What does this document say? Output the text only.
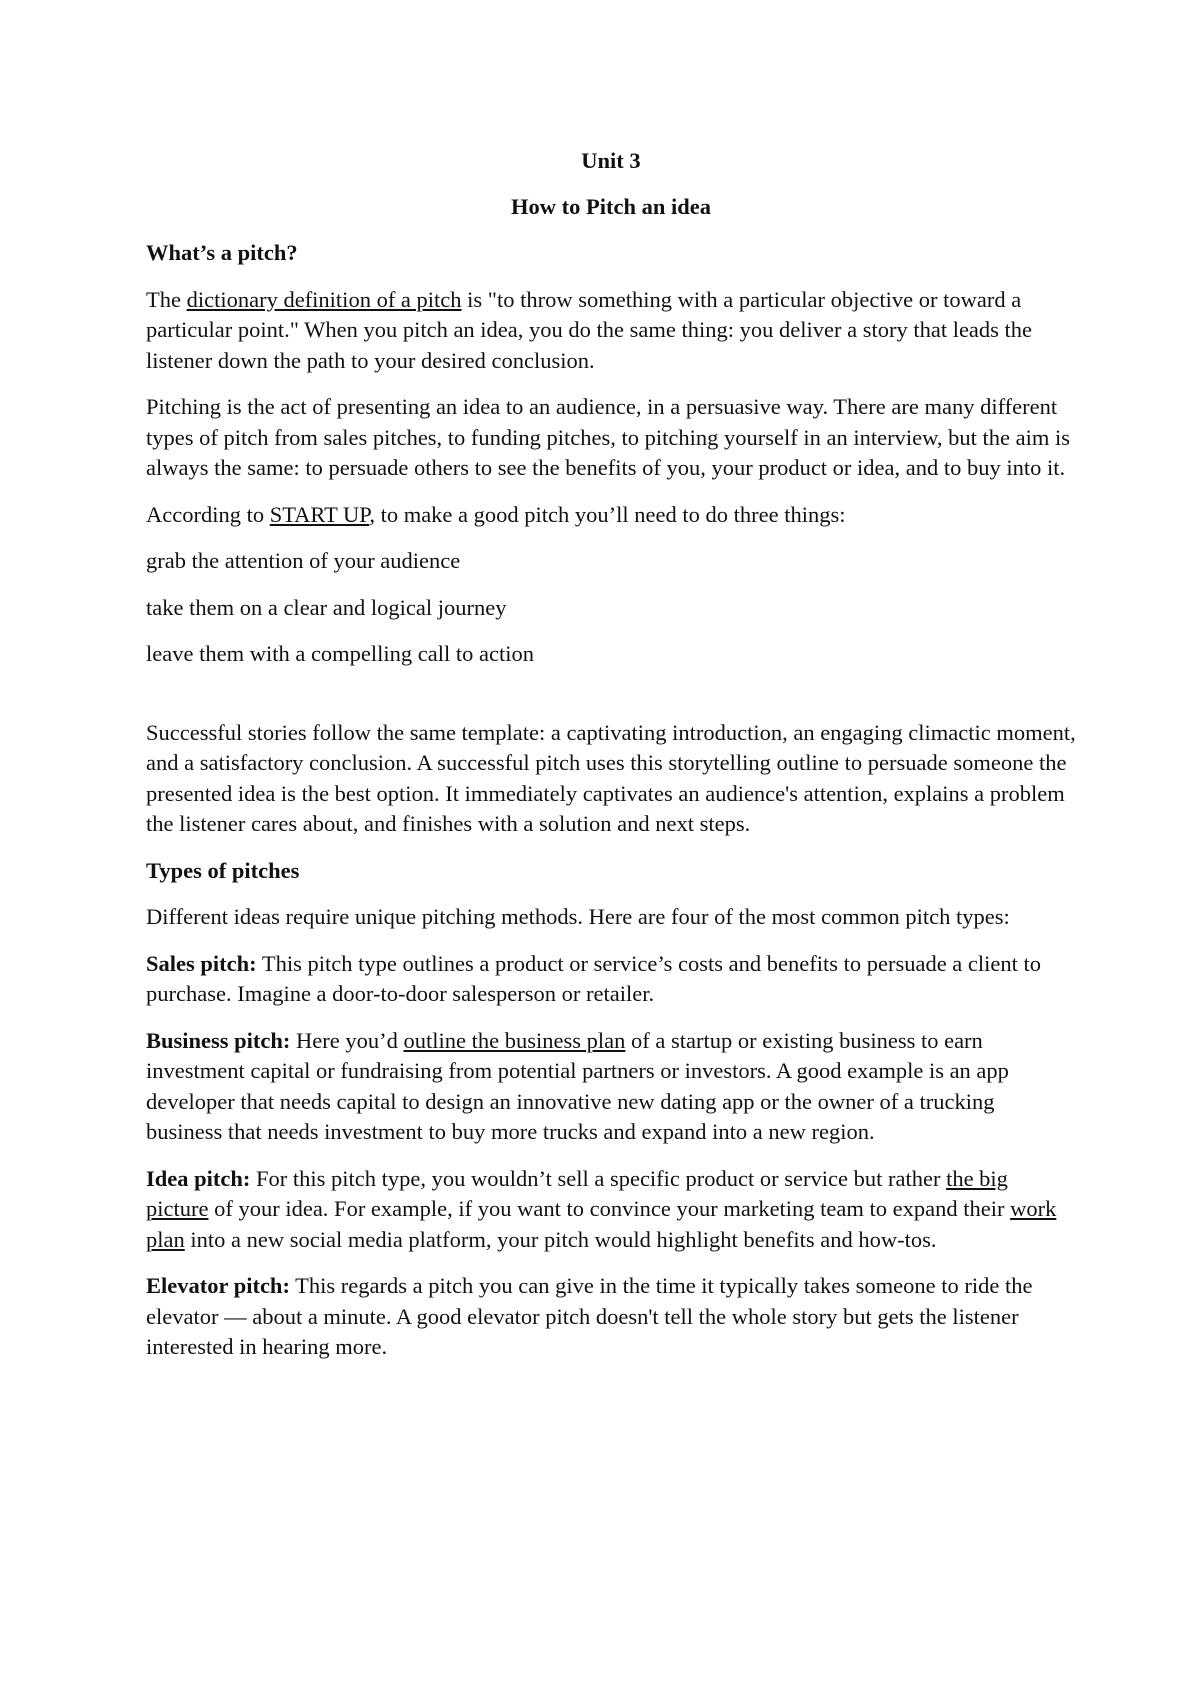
Unit 3

How to Pitch an idea

What’s a pitch?

The dictionary definition of a pitch is "to throw something with a particular objective or toward a particular point." When you pitch an idea, you do the same thing: you deliver a story that leads the listener down the path to your desired conclusion.

Pitching is the act of presenting an idea to an audience, in a persuasive way. There are many different types of pitch from sales pitches, to funding pitches, to pitching yourself in an interview, but the aim is always the same: to persuade others to see the benefits of you, your product or idea, and to buy into it.

According to START UP, to make a good pitch you’ll need to do three things:

grab the attention of your audience

take them on a clear and logical journey

leave them with a compelling call to action

Successful stories follow the same template: a captivating introduction, an engaging climactic moment, and a satisfactory conclusion. A successful pitch uses this storytelling outline to persuade someone the presented idea is the best option. It immediately captivates an audience's attention, explains a problem the listener cares about, and finishes with a solution and next steps.

Types of pitches

Different ideas require unique pitching methods. Here are four of the most common pitch types:

Sales pitch: This pitch type outlines a product or service’s costs and benefits to persuade a client to purchase. Imagine a door-to-door salesperson or retailer.

Business pitch: Here you’d outline the business plan of a startup or existing business to earn investment capital or fundraising from potential partners or investors. A good example is an app developer that needs capital to design an innovative new dating app or the owner of a trucking business that needs investment to buy more trucks and expand into a new region.

Idea pitch: For this pitch type, you wouldn’t sell a specific product or service but rather the big picture of your idea. For example, if you want to convince your marketing team to expand their work plan into a new social media platform, your pitch would highlight benefits and how-tos.

Elevator pitch: This regards a pitch you can give in the time it typically takes someone to ride the elevator — about a minute. A good elevator pitch doesn't tell the whole story but gets the listener interested in hearing more.
